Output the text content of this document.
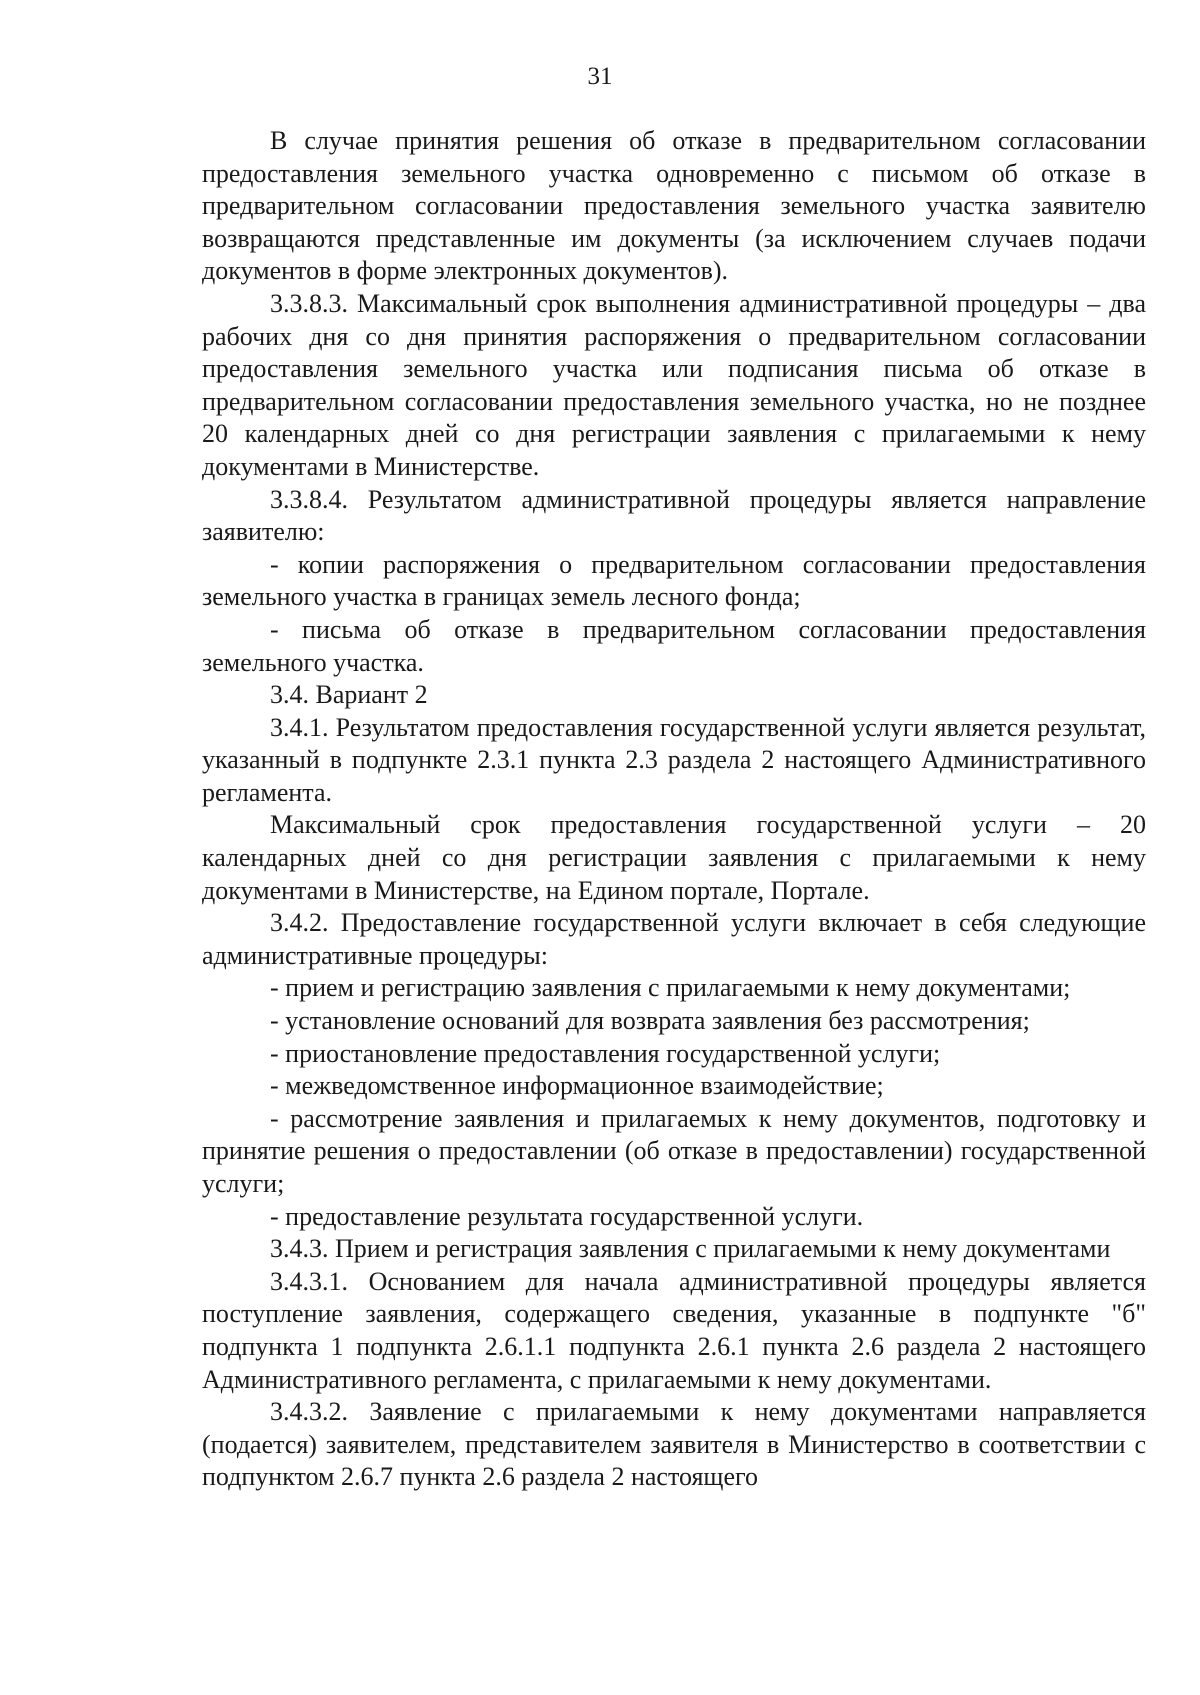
31

В случае принятия решения об отказе в предварительном согласовании предоставления земельного участка одновременно с письмом об отказе в предварительном согласовании предоставления земельного участка заявителю возвращаются представленные им документы (за исключением случаев подачи документов в форме электронных документов).

3.3.8.3. Максимальный срок выполнения административной процедуры – два рабочих дня со дня принятия распоряжения о предварительном согласовании предоставления земельного участка или подписания письма об отказе в предварительном согласовании предоставления земельного участка, но не позднее 20 календарных дней со дня регистрации заявления с прилагаемыми к нему документами в Министерстве.

3.3.8.4. Результатом административной процедуры является направление заявителю:

- копии распоряжения о предварительном согласовании предоставления земельного участка в границах земель лесного фонда;

- письма об отказе в предварительном согласовании предоставления земельного участка.

3.4. Вариант 2

3.4.1. Результатом предоставления государственной услуги является результат, указанный в подпункте 2.3.1 пункта 2.3 раздела 2 настоящего Административного регламента.

Максимальный срок предоставления государственной услуги – 20 календарных дней со дня регистрации заявления с прилагаемыми к нему документами в Министерстве, на Едином портале, Портале.

3.4.2. Предоставление государственной услуги включает в себя следующие административные процедуры:

- прием и регистрацию заявления с прилагаемыми к нему документами;

- установление оснований для возврата заявления без рассмотрения;

- приостановление предоставления государственной услуги;

- межведомственное информационное взаимодействие;

- рассмотрение заявления и прилагаемых к нему документов, подготовку и принятие решения о предоставлении (об отказе в предоставлении) государственной услуги;

- предоставление результата государственной услуги.

3.4.3. Прием и регистрация заявления с прилагаемыми к нему документами

3.4.3.1. Основанием для начала административной процедуры является поступление заявления, содержащего сведения, указанные в подпункте "б" подпункта 1 подпункта 2.6.1.1 подпункта 2.6.1 пункта 2.6 раздела 2 настоящего Административного регламента, с прилагаемыми к нему документами.

3.4.3.2. Заявление с прилагаемыми к нему документами направляется (подается) заявителем, представителем заявителя в Министерство в соответствии с подпунктом 2.6.7 пункта 2.6 раздела 2 настоящего
